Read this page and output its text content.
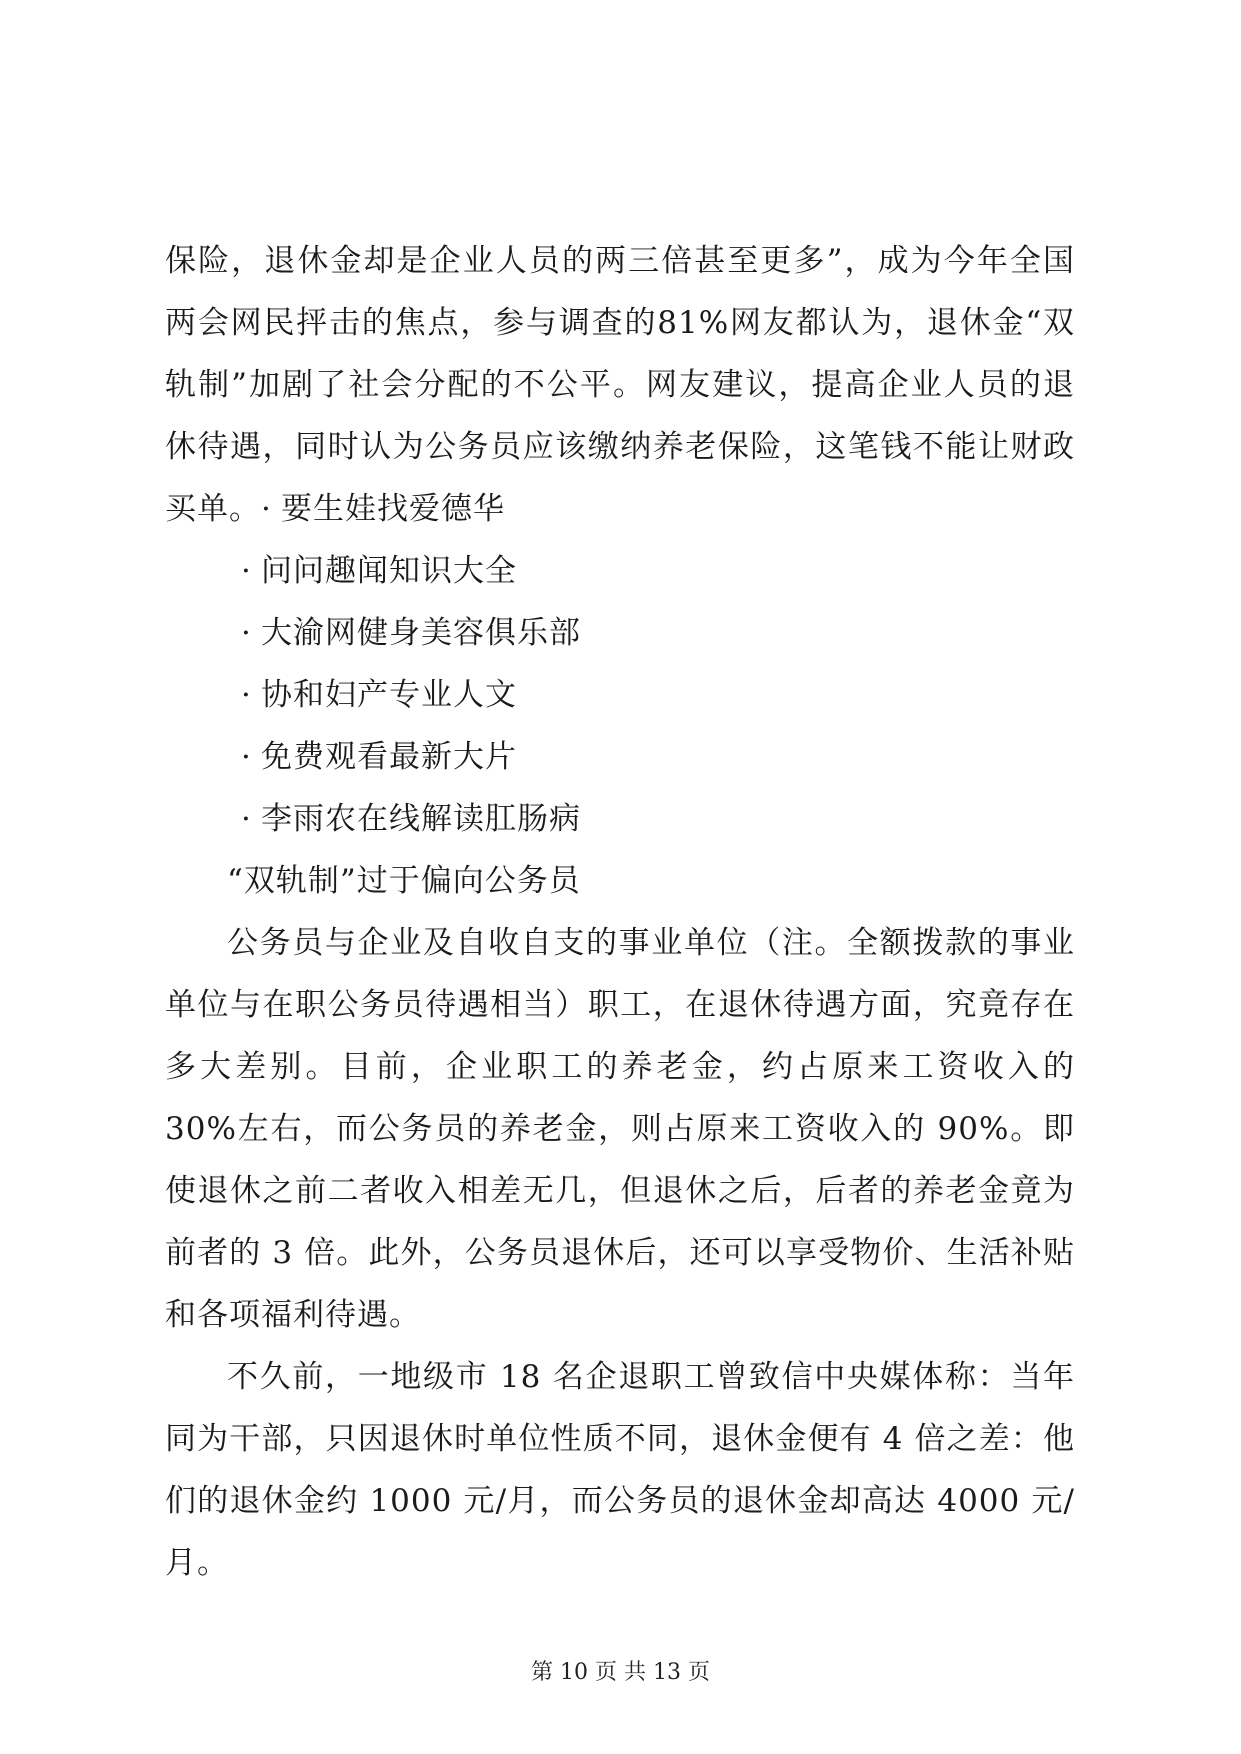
保险，退休金却是企业人员的两三倍甚至更多”，成为今年全国两会网民抨击的焦点，参与调查的81%网友都认为，退休金“双轨制”加剧了社会分配的不公平。网友建议，提高企业人员的退休待遇，同时认为公务员应该缴纳养老保险，这笔钱不能让财政买单。· 要生娃找爱德华

· 问问趣闻知识大全
· 大渝网健身美容俱乐部
· 协和妇产专业人文
· 免费观看最新大片
· 李雨农在线解读肛肠病

“双轨制”过于偏向公务员

公务员与企业及自收自支的事业单位（注。全额拨款的事业单位与在职公务员待遇相当）职工，在退休待遇方面，究竟存在多大差别。目前，企业职工的养老金，约占原来工资收入的 30%左右，而公务员的养老金，则占原来工资收入的 90%。即使退休之前二者收入相差无几，但退休之后，后者的养老金竟为前者的 3 倍。此外，公务员退休后，还可以享受物价、生活补贴和各项福利待遇。

不久前，一地级市 18 名企退职工曾致信中央媒体称：当年同为干部，只因退休时单位性质不同，退休金便有 4 倍之差：他们的退休金约 1000 元/月，而公务员的退休金却高达 4000 元/月。

第 10 页 共 13 页
